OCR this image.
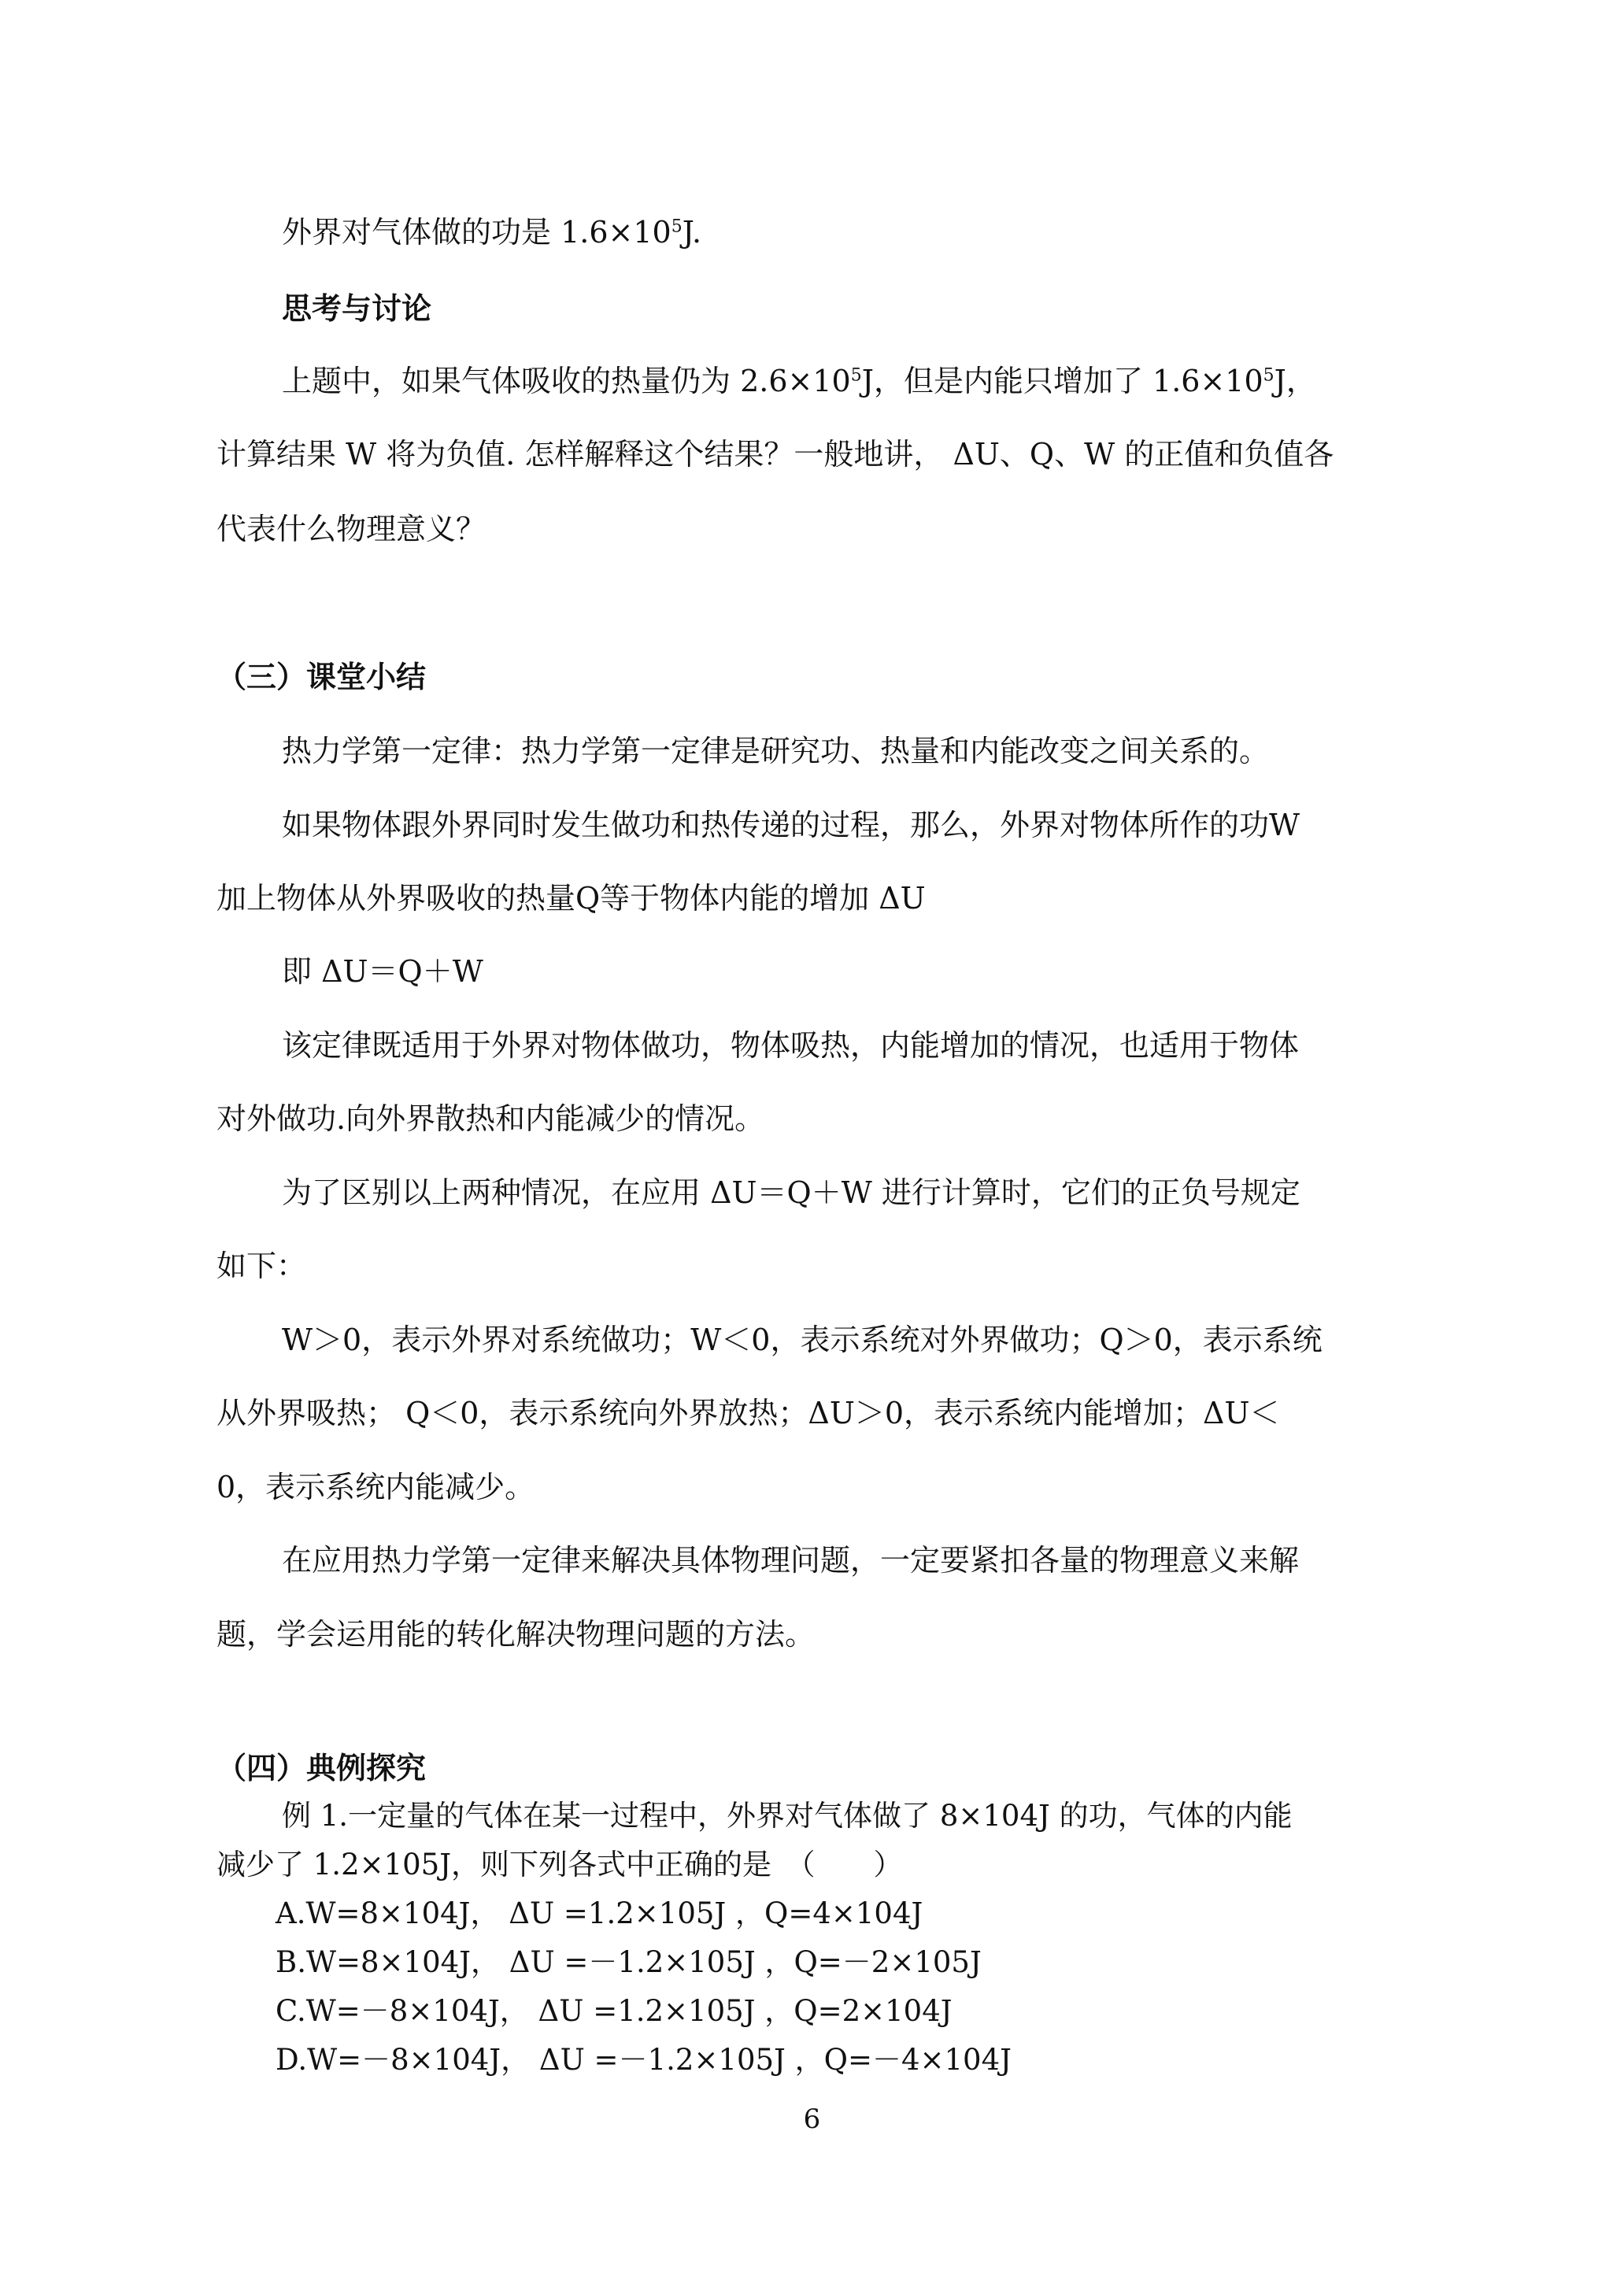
外界对气体做的功是 $1.6\times 10^5J$.
思考与讨论
上题中，如果气体吸收的热量仍为 $2.6\times 10^5J$，但是内能只增加了 $1.6\times 10^5J$，
计算结果 W 将为负值. 怎样解释这个结果？一般地讲， ΔU、Q、W 的正值和负值各
代表什么物理意义？
（三）课堂小结
热力学第一定律：热力学第一定律是研究功、热量和内能改变之间关系的。
如果物体跟外界同时发生做功和热传递的过程，那么，外界对物体所作的功W
加上物体从外界吸收的热量Q等于物体内能的增加 ΔU
即 ΔU＝Q＋W
该定律既适用于外界对物体做功，物体吸热，内能增加的情况，也适用于物体
对外做功.向外界散热和内能减少的情况。
为了区别以上两种情况，在应用 ΔU＝Q＋W 进行计算时，它们的正负号规定
如下：
W＞0，表示外界对系统做功；W＜0，表示系统对外界做功；Q＞0，表示系统
从外界吸热； Q＜0，表示系统向外界放热；ΔU＞0，表示系统内能增加；ΔU＜
0，表示系统内能减少。
在应用热力学第一定律来解决具体物理问题，一定要紧扣各量的物理意义来解
题，学会运用能的转化解决物理问题的方法。
（四）典例探究
例 1.一定量的气体在某一过程中，外界对气体做了 8×104J 的功，气体的内能
减少了 1.2×105J，则下列各式中正确的是　（　　）
A.W=8×104J， ΔU =1.2×105J ，Q=4×104J
B.W=8×104J， ΔU =－1.2×105J ，Q=－2×105J
C.W=－8×104J， ΔU =1.2×105J ，Q=2×104J
D.W=－8×104J， ΔU =－1.2×105J ，Q=－4×104J
6
